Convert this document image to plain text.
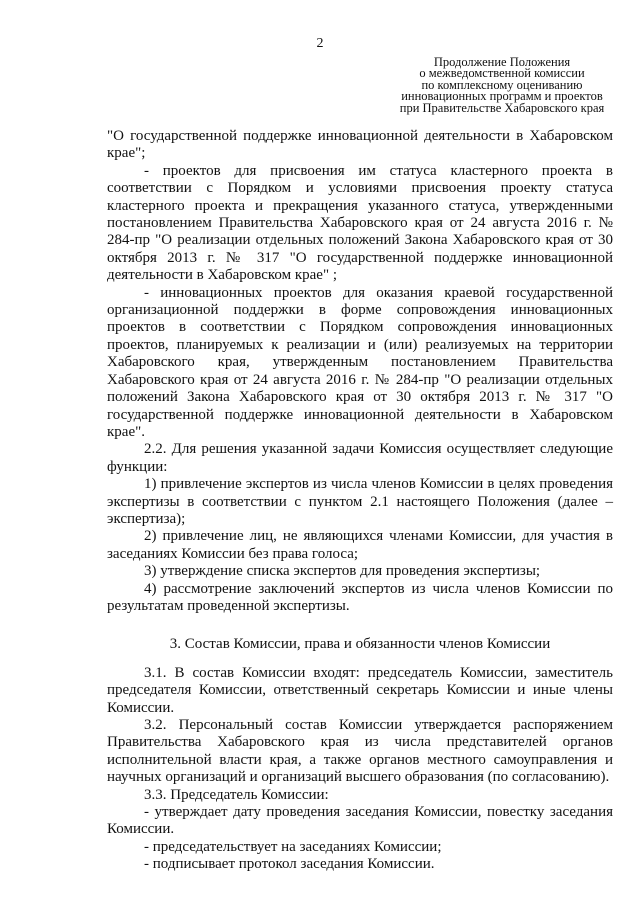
2
Продолжение Положения
о межведомственной комиссии
по комплексному оцениванию
инновационных программ и проектов
при Правительстве Хабаровского края

"О государственной поддержке инновационной деятельности в Хабаровском крае";

- проектов для присвоения им статуса кластерного проекта в соответствии с Порядком и условиями присвоения проекту статуса кластерного проекта и прекращения указанного статуса, утвержденными постановлением Правительства Хабаровского края от 24 августа 2016 г. № 284-пр "О реализации отдельных положений Закона Хабаровского края от 30 октября 2013 г. № 317 "О государственной поддержке инновационной деятельности в Хабаровском крае" ;

- инновационных проектов для оказания краевой государственной организационной поддержки в форме сопровождения инновационных проектов в соответствии с Порядком сопровождения инновационных проектов, планируемых к реализации и (или) реализуемых на территории Хабаровского края, утвержденным постановлением Правительства Хабаровского края от 24 августа 2016 г. № 284-пр "О реализации отдельных положений Закона Хабаровского края от 30 октября 2013 г. № 317 "О государственной поддержке инновационной деятельности в Хабаровском крае".

2.2. Для решения указанной задачи Комиссия осуществляет следующие функции:

1) привлечение экспертов из числа членов Комиссии в целях проведения экспертизы в соответствии с пунктом 2.1 настоящего Положения (далее – экспертиза);

2) привлечение лиц, не являющихся членами Комиссии, для участия в заседаниях Комиссии без права голоса;

3) утверждение списка экспертов для проведения экспертизы;

4) рассмотрение заключений экспертов из числа членов Комиссии по результатам проведенной экспертизы.

3. Состав Комиссии, права и обязанности членов Комиссии

3.1. В состав Комиссии входят: председатель Комиссии, заместитель председателя Комиссии, ответственный секретарь Комиссии и иные члены Комиссии.

3.2. Персональный состав Комиссии утверждается распоряжением Правительства Хабаровского края из числа представителей органов исполнительной власти края, а также органов местного самоуправления и научных организаций и организаций высшего образования (по согласованию).

3.3. Председатель Комиссии:

- утверждает дату проведения заседания Комиссии, повестку заседания Комиссии.

- председательствует на заседаниях Комиссии;

- подписывает протокол заседания Комиссии.
